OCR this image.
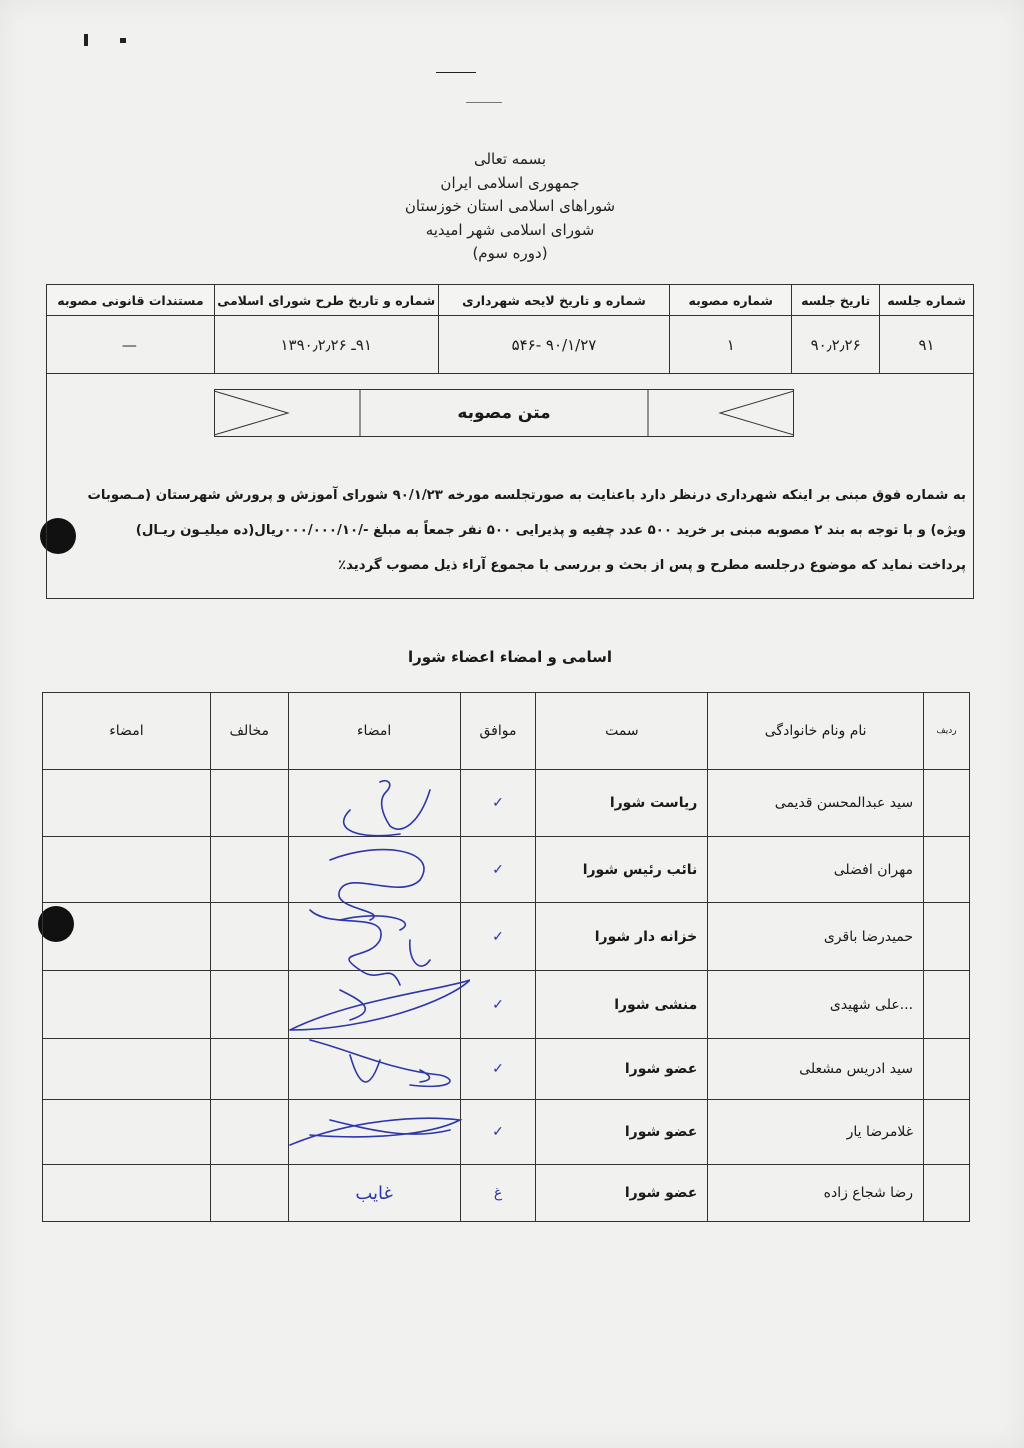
بسمه تعالی
جمهوری اسلامی ایران
شوراهای اسلامی استان خوزستان
شورای اسلامی شهر امیدیه
(دوره سوم)
شماره جلسه	تاریخ جلسه	شماره مصوبه	شماره و تاریخ لایحه شهرداری	شماره و تاریخ طرح شورای اسلامی	مستندات قانونی مصوبه
۹۱	۹۰٫۲٫۲۶	۱	۹۰/۱/۲۷ -۵۴۶	۹۱ـ ۱۳۹۰٫۲٫۲۶	—
متن مصوبه
به شماره فوق مبنی بر اینکه شهرداری درنظر دارد باعنایت به صورتجلسه مورخه ۹۰/۱/۲۳ شورای آموزش و پرورش شهرستان (مـصوبات
ویژه) و با توجه به بند ۲ مصوبه مبنی بر خرید ۵۰۰ عدد چفیه و پذیرایی ۵۰۰ نفر جمعاً به مبلغ -/۰۰۰/۰۰۰/۱۰ریال(ده میلیـون ریـال)
پرداخت نماید که موضوع درجلسه مطرح و پس از بحث و بررسی با مجموع آراء ذیل مصوب گردید٪
اسامی و امضاء اعضاء شورا
ردیف	نام ونام خانوادگی	سمت	موافق	امضاء	مخالف	امضاء
	سید عبدالمحسن قدیمی	ریاست شورا	✓			
	مهران افضلی	نائب رئیس شورا	✓			
	حمیدرضا باقری	خزانه دار شورا	✓			
	...علی شهیدی	منشی شورا	✓			
	سید ادریس مشعلی	عضو شورا	✓			
	غلامرضا یار	عضو شورا	✓			
	رضا شجاع زاده	عضو شورا	غ	غایب		
